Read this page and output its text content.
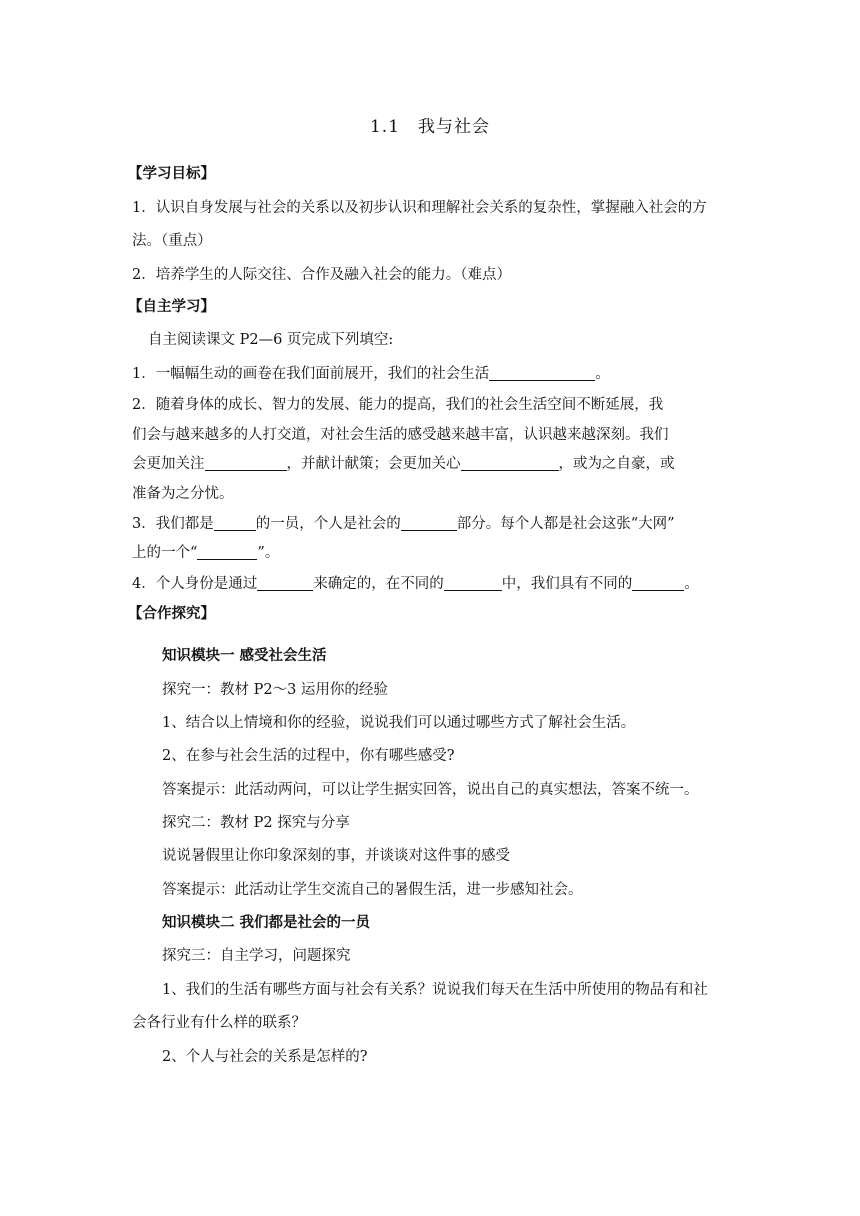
1.1 我与社会
【学习目标】
1．认识自身发展与社会的关系以及初步认识和理解社会关系的复杂性，掌握融入社会的方
法。（重点）
2．培养学生的人际交往、合作及融入社会的能力。（难点）
【自主学习】
自主阅读课文 P2—6 页完成下列填空:
1．一幅幅生动的画卷在我们面前展开，我们的社会生活	。
2．随着身体的成长、智力的发展、能力的提高，我们的社会生活空间不断延展，我
们会与越来越多的人打交道，对社会生活的感受越来越丰富，认识越来越深刻。我们
会更加关注	，并献计献策；会更加关心	，或为之自豪，或
准备为之分忧。
3．我们都是	的一员，个人是社会的	部分。每个人都是社会这张“大网”
上的一个“	”。
4．个人身份是通过	来确定的，在不同的	中，我们具有不同的	。
【合作探究】
知识模块一 感受社会生活
探究一：教材 P2～3 运用你的经验
1、结合以上情境和你的经验，说说我们可以通过哪些方式了解社会生活。
2、在参与社会生活的过程中，你有哪些感受?
答案提示：此活动两问，可以让学生据实回答，说出自己的真实想法，答案不统一。
探究二：教材 P2 探究与分享
说说暑假里让你印象深刻的事，并谈谈对这件事的感受
答案提示：此活动让学生交流自己的暑假生活，进一步感知社会。
知识模块二 我们都是社会的一员
探究三：自主学习，问题探究
1、我们的生活有哪些方面与社会有关系？说说我们每天在生活中所使用的物品有和社
会各行业有什么样的联系？
2、个人与社会的关系是怎样的?
